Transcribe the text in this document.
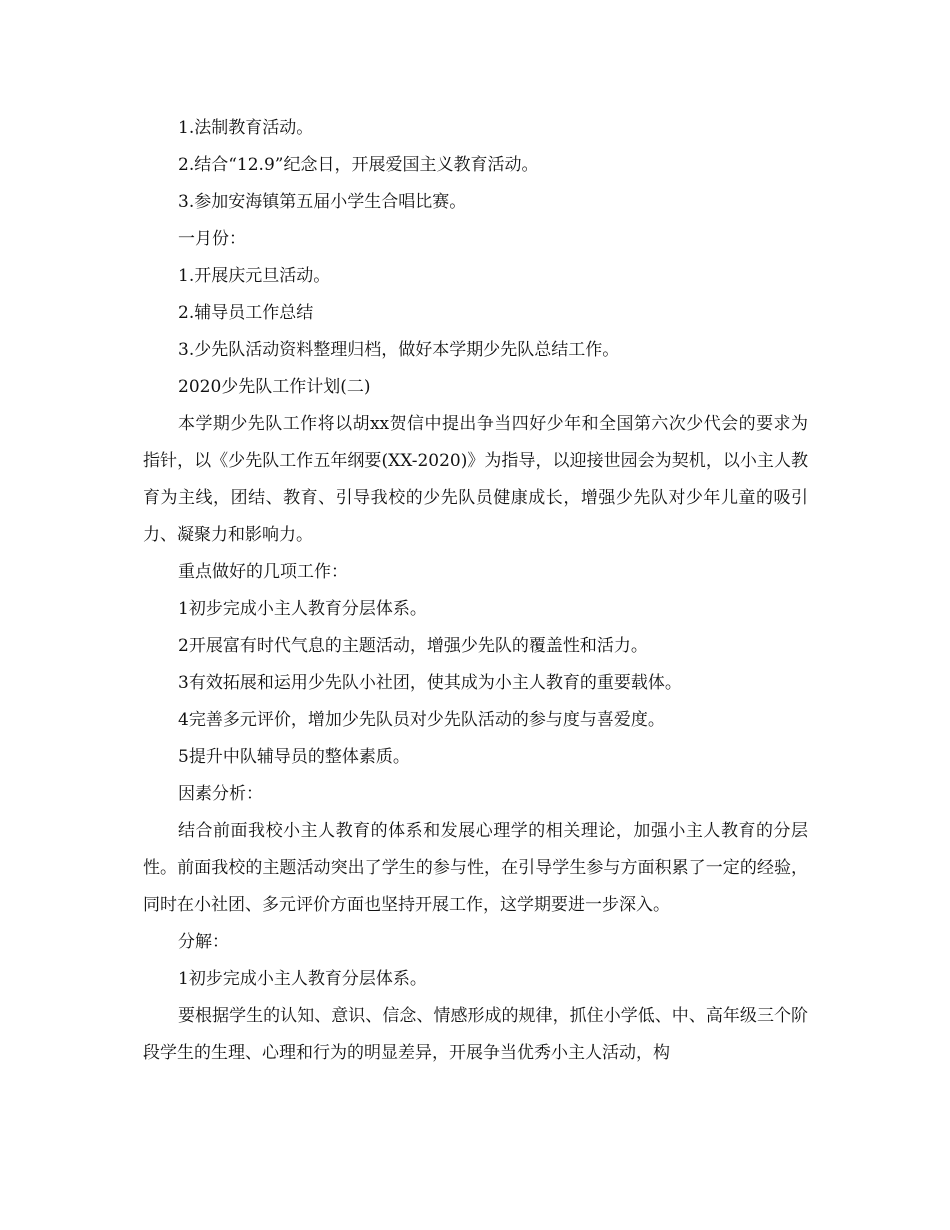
1.法制教育活动。

2.结合“12.9”纪念日，开展爱国主义教育活动。

3.参加安海镇第五届小学生合唱比赛。

一月份：

1.开展庆元旦活动。

2.辅导员工作总结

3.少先队活动资料整理归档，做好本学期少先队总结工作。

2020少先队工作计划(二)

本学期少先队工作将以胡xx贺信中提出争当四好少年和全国第六次少代会的要求为指针，以《少先队工作五年纲要(XX-2020)》为指导，以迎接世园会为契机，以小主人教育为主线，团结、教育、引导我校的少先队员健康成长，增强少先队对少年儿童的吸引力、凝聚力和影响力。

重点做好的几项工作：

1初步完成小主人教育分层体系。

2开展富有时代气息的主题活动，增强少先队的覆盖性和活力。

3有效拓展和运用少先队小社团，使其成为小主人教育的重要载体。

4完善多元评价，增加少先队员对少先队活动的参与度与喜爱度。

5提升中队辅导员的整体素质。

因素分析：

结合前面我校小主人教育的体系和发展心理学的相关理论，加强小主人教育的分层性。前面我校的主题活动突出了学生的参与性，在引导学生参与方面积累了一定的经验，同时在小社团、多元评价方面也坚持开展工作，这学期要进一步深入。

分解：

1初步完成小主人教育分层体系。

要根据学生的认知、意识、信念、情感形成的规律，抓住小学低、中、高年级三个阶段学生的生理、心理和行为的明显差异，开展争当优秀小主人活动，构
